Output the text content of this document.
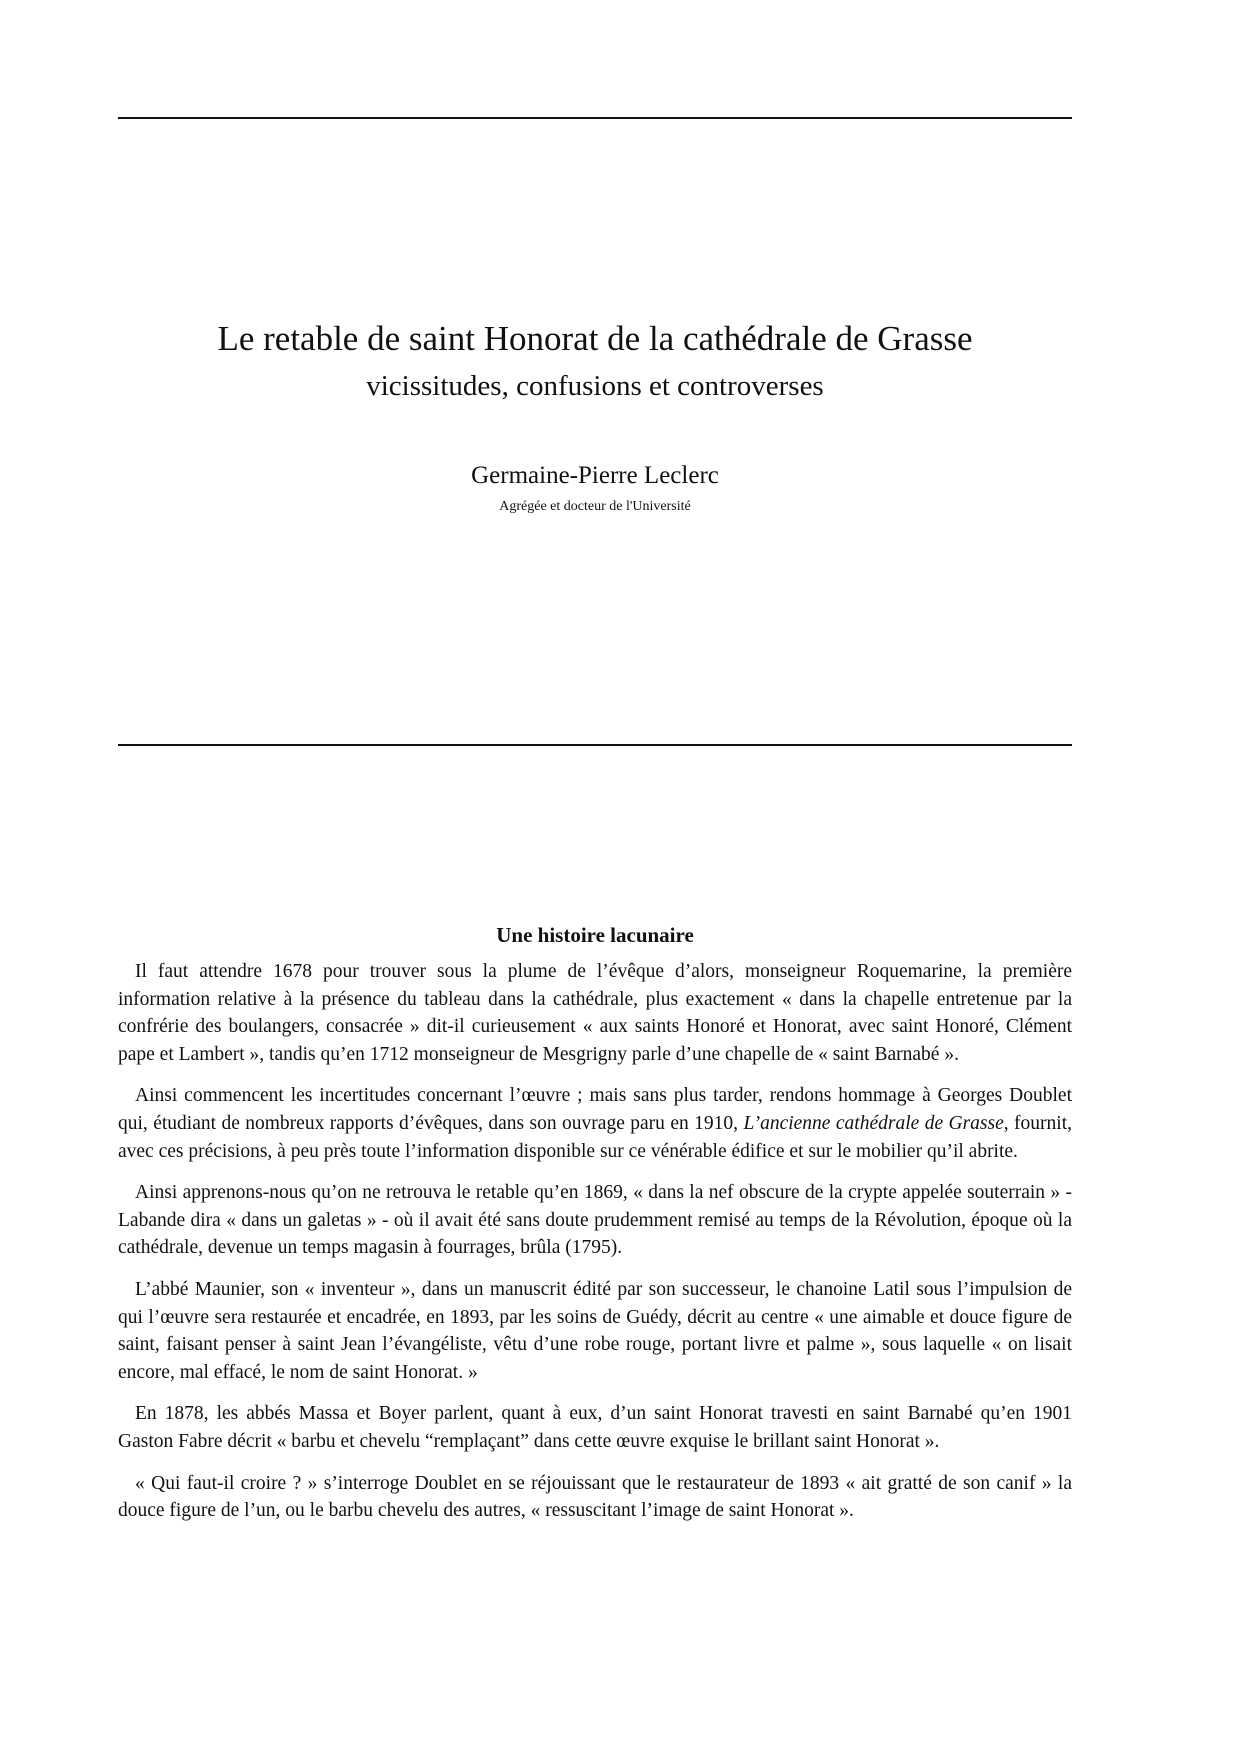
Le retable de saint Honorat de la cathédrale de Grasse
vicissitudes, confusions et controverses
Germaine-Pierre Leclerc
Agrégée et docteur de l'Université
Une histoire lacunaire

Il faut attendre 1678 pour trouver sous la plume de l’évêque d’alors, monseigneur Roquemarine, la première information relative à la présence du tableau dans la cathédrale, plus exactement « dans la chapelle entretenue par la confrérie des boulangers, consacrée » dit-il curieusement « aux saints Honoré et Honorat, avec saint Honoré, Clément pape et Lambert », tandis qu’en 1712 monseigneur de Mesgrigny parle d’une chapelle de « saint Barnabé ».

Ainsi commencent les incertitudes concernant l’œuvre ; mais sans plus tarder, rendons hommage à Georges Doublet qui, étudiant de nombreux rapports d’évêques, dans son ouvrage paru en 1910, L’ancienne cathédrale de Grasse, fournit, avec ces précisions, à peu près toute l’information disponible sur ce vénérable édifice et sur le mobilier qu’il abrite.

Ainsi apprenons-nous qu’on ne retrouva le retable qu’en 1869, « dans la nef obscure de la crypte appelée souterrain » - Labande dira « dans un galetas » - où il avait été sans doute prudemment remisé au temps de la Révolution, époque où la cathédrale, devenue un temps magasin à fourrages, brûla (1795).

L’abbé Maunier, son « inventeur », dans un manuscrit édité par son successeur, le chanoine Latil sous l’impulsion de qui l’œuvre sera restaurée et encadrée, en 1893, par les soins de Guédy, décrit au centre « une aimable et douce figure de saint, faisant penser à saint Jean l’évangéliste, vêtu d’une robe rouge, portant livre et palme », sous laquelle « on lisait encore, mal effacé, le nom de saint Honorat. »

En 1878, les abbés Massa et Boyer parlent, quant à eux, d’un saint Honorat travesti en saint Barnabé qu’en 1901 Gaston Fabre décrit « barbu et chevelu “remplaçant” dans cette œuvre exquise le brillant saint Honorat ».

« Qui faut-il croire ? » s’interroge Doublet en se réjouissant que le restaurateur de 1893 « ait gratté de son canif » la douce figure de l’un, ou le barbu chevelu des autres, « ressuscitant l’image de saint Honorat ».
